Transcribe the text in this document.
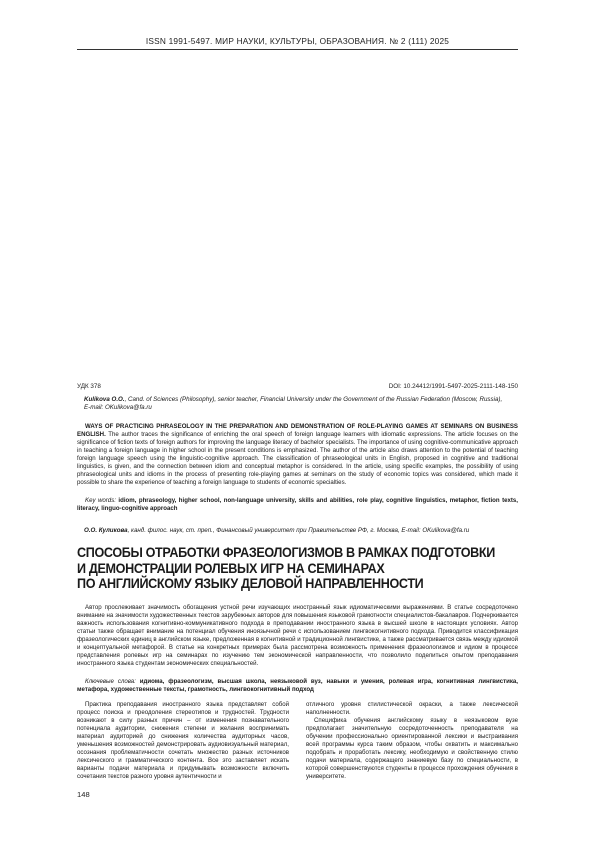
ISSN 1991-5497. МИР НАУКИ, КУЛЬТУРЫ, ОБРАЗОВАНИЯ. № 2 (111) 2025
УДК 378	DOI: 10.24412/1991-5497-2025-2111-148-150
Kulikova O.O., Cand. of Sciences (Philosophy), senior teacher, Financial University under the Government of the Russian Federation (Moscow, Russia),
E-mail: OKulikova@fa.ru
WAYS OF PRACTICING PHRASEOLOGY IN THE PREPARATION AND DEMONSTRATION OF ROLE-PLAYING GAMES AT SEMINARS ON BUSINESS ENGLISH. The author traces the significance of enriching the oral speech of foreign language learners with idiomatic expressions. The article focuses on the significance of fiction texts of foreign authors for improving the language literacy of bachelor specialists. The importance of using cognitive-communicative approach in teaching a foreign language in higher school in the present conditions is emphasized. The author of the article also draws attention to the potential of teaching foreign language speech using the linguistic-cognitive approach. The classification of phraseological units in English, proposed in cognitive and traditional linguistics, is given, and the connection between idiom and conceptual metaphor is considered. In the article, using specific examples, the possibility of using phraseological units and idioms in the process of presenting role-playing games at seminars on the study of economic topics was considered, which made it possible to share the experience of teaching a foreign language to students of economic specialties.
Key words: idiom, phraseology, higher school, non-language university, skills and abilities, role play, cognitive linguistics, metaphor, fiction texts, literacy, linguo-cognitive approach
О.О. Куликова, канд. филос. наук, ст. преп., Финансовый университет при Правительстве РФ, г. Москва, E-mail: OKulikova@fa.ru
СПОСОБЫ ОТРАБОТКИ ФРАЗЕОЛОГИЗМОВ В РАМКАХ ПОДГОТОВКИ
И ДЕМОНСТРАЦИИ РОЛЕВЫХ ИГР НА СЕМИНАРАХ
ПО АНГЛИЙСКОМУ ЯЗЫКУ ДЕЛОВОЙ НАПРАВЛЕННОСТИ
Автор прослеживает значимость обогащения устной речи изучающих иностранный язык идиоматическими выражениями. В статье сосредоточено внимание на значимости художественных текстов зарубежных авторов для повышения языковой грамотности специалистов-бакалавров. Подчеркивается важность использования когнитивно-коммуникативного подхода в преподавании иностранного языка в высшей школе в настоящих условиях. Автор статьи также обращает внимание на потенциал обучения иноязычной речи с использованием лингвокогнитивного подхода. Приводится классификация фразеологических единиц в английском языке, предложенная в когнитивной и традиционной лингвистике, а также рассматривается связь между идиомой и концептуальной метафорой. В статье на конкретных примерах была рассмотрена возможность применения фразеологизмов и идиом в процессе представления ролевых игр на семинарах по изучению тем экономической направленности, что позволило поделиться опытом преподавания иностранного языка студентам экономических специальностей.
Ключевые слова: идиома, фразеологизм, высшая школа, неязыковой вуз, навыки и умения, ролевая игра, когнитивная лингвистика, метафора, художественные тексты, грамотность, лингвокогнитивный подход

Практика преподавания иностранного языка представляет собой процесс поиска и преодоления стереотипов и трудностей. Трудности возникают в силу разных причин – от изменения познавательного потенциала аудитории, снижения степени и желания воспринимать материал аудиторией до снижения количества аудиторных часов, уменьшения возможностей демонстрировать аудиовизуальный материал, осознания проблематичности сочетать множество разных источников лексического и грамматического контента. Все это заставляет искать варианты подачи материала и придумывать возможности включить сочетания текстов разного уровня аутентичности и

отличного уровня стилистической окраски, а также лексической наполненности.

Специфика обучения английскому языку в неязыковом вузе предполагает значительную сосредоточенность преподавателя на обучении профессионально ориентированной лексики и выстраивания всей программы курса таким образом, чтобы охватить и максимально подобрать и проработать лексику, необходимую и свойственную стилю подачи материала, содержащего знаниевую базу по специальности, в которой совершенствуются студенты в процессе прохождения обучения в университете.

148
